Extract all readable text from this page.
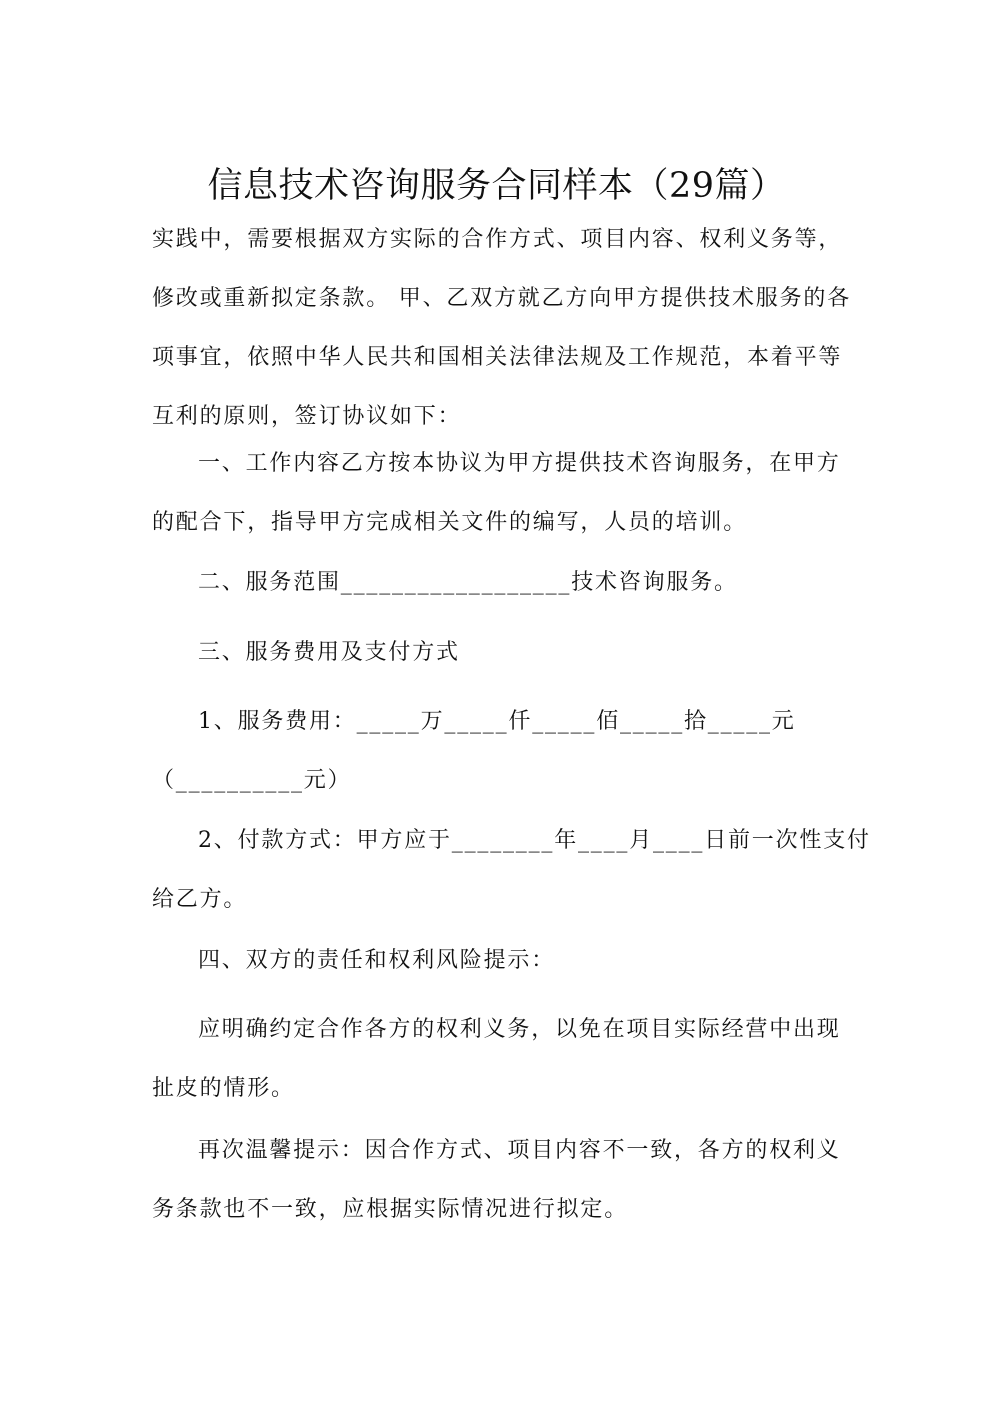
信息技术咨询服务合同样本（29篇）
实践中，需要根据双方实际的合作方式、项目内容、权利义务等，
修改或重新拟定条款。 甲、乙双方就乙方向甲方提供技术服务的各
项事宜，依照中华人民共和国相关法律法规及工作规范，本着平等
互利的原则，签订协议如下：
一、工作内容乙方按本协议为甲方提供技术咨询服务，在甲方
的配合下，指导甲方完成相关文件的编写，人员的培训。
二、服务范围__________________技术咨询服务。
三、服务费用及支付方式
1、服务费用：_____万_____仟_____佰_____拾_____元
（__________元）
2、付款方式：甲方应于________年____月____日前一次性支付
给乙方。
四、双方的责任和权利风险提示：
应明确约定合作各方的权利义务，以免在项目实际经营中出现
扯皮的情形。
再次温馨提示：因合作方式、项目内容不一致，各方的权利义
务条款也不一致，应根据实际情况进行拟定。
